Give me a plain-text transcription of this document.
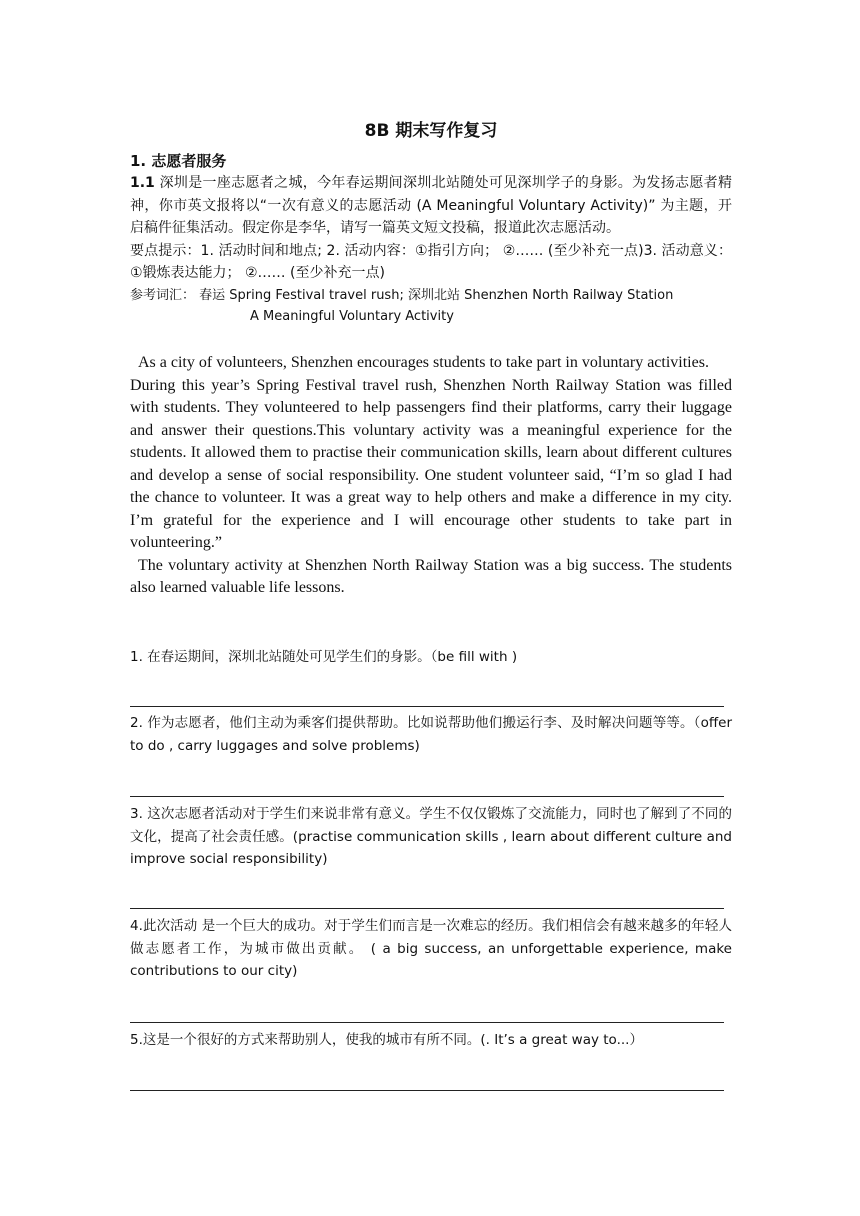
8B 期末写作复习
1. 志愿者服务

1.1 深圳是一座志愿者之城，今年春运期间深圳北站随处可见深圳学子的身影。为发扬志愿者精神，你市英文报将以“一次有意义的志愿活动 (A Meaningful Voluntary Activity)” 为主题，开启稿件征集活动。假定你是李华，请写一篇英文短文投稿，报道此次志愿活动。

要点提示：1. 活动时间和地点; 2. 活动内容：①指引方向； ②…… (至少补充一点)3. 活动意义：①锻炼表达能力； ②…… (至少补充一点)

参考词汇： 春运 Spring Festival travel rush; 深圳北站 Shenzhen North Railway Station
A Meaningful Voluntary Activity

As a city of volunteers, Shenzhen encourages students to take part in voluntary activities.

During this year’s Spring Festival travel rush, Shenzhen North Railway Station was filled with students. They volunteered to help passengers find their platforms, carry their luggage and answer their questions.This voluntary activity was a meaningful experience for the students. It allowed them to practise their communication skills, learn about different cultures and develop a sense of social responsibility. One student volunteer said, “I’m so glad I had the chance to volunteer. It was a great way to help others and make a difference in my city. I’m grateful for the experience and I will encourage other students to take part in volunteering.”

The voluntary activity at Shenzhen North Railway Station was a big success. The students also learned valuable life lessons.

1. 在春运期间，深圳北站随处可见学生们的身影。（be fill with )

2. 作为志愿者，他们主动为乘客们提供帮助。比如说帮助他们搬运行李、及时解决问题等等。（offer to do , carry luggages and solve problems)

3. 这次志愿者活动对于学生们来说非常有意义。学生不仅仅锻炼了交流能力，同时也了解到了不同的文化，提高了社会责任感。(practise communication skills , learn about different culture and improve social responsibility)

4.此次活动 是一个巨大的成功。对于学生们而言是一次难忘的经历。我们相信会有越来越多的年轻人做志愿者工作，为城市做出贡献。 ( a big success, an unforgettable experience, make contributions to our city)

5.这是一个很好的方式来帮助别人，使我的城市有所不同。(. It’s a great way to...）
